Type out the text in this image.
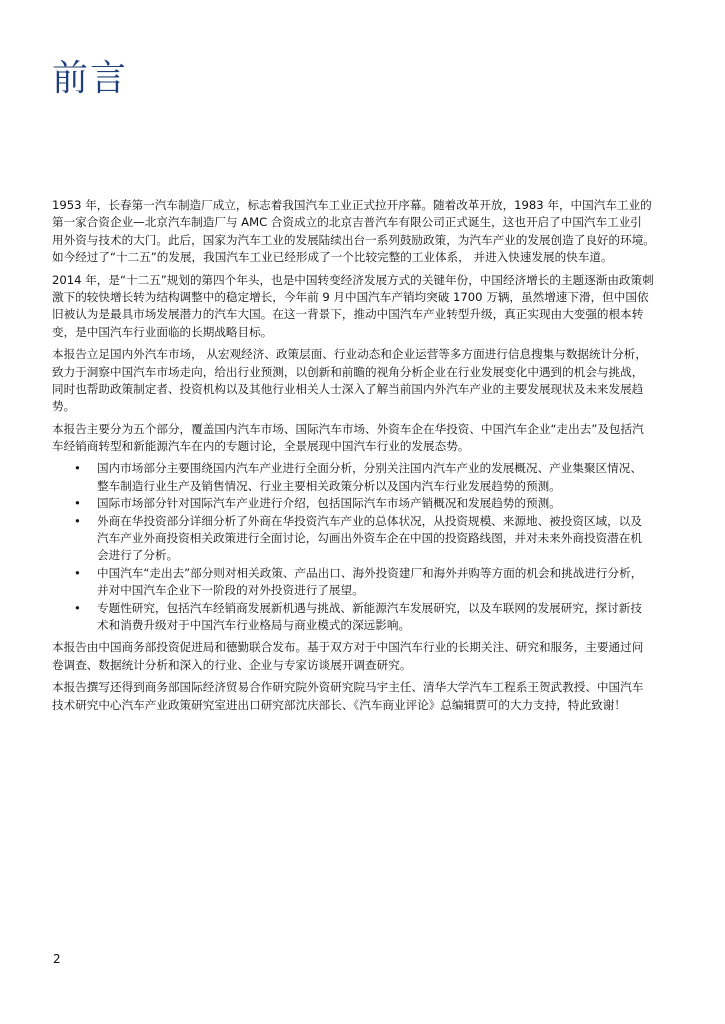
前言
1953 年，长春第一汽车制造厂成立，标志着我国汽车工业正式拉开序幕。随着改革开放，1983 年，中国汽车工业的
第一家合资企业—北京汽车制造厂与 AMC 合资成立的北京吉普汽车有限公司正式诞生，这也开启了中国汽车工业引
用外资与技术的大门。此后，国家为汽车工业的发展陆续出台一系列鼓励政策，为汽车产业的发展创造了良好的环境。
如今经过了“十二五”的发展，我国汽车工业已经形成了一个比较完整的工业体系， 并进入快速发展的快车道。
2014 年，是“十二五”规划的第四个年头，也是中国转变经济发展方式的关键年份，中国经济增长的主题逐渐由政策刺
激下的较快增长转为结构调整中的稳定增长，今年前 9 月中国汽车产销均突破 1700 万辆，虽然增速下滑，但中国依
旧被认为是最具市场发展潜力的汽车大国。在这一背景下，推动中国汽车产业转型升级，真正实现由大变强的根本转
变，是中国汽车行业面临的长期战略目标。
本报告立足国内外汽车市场， 从宏观经济、政策层面、行业动态和企业运营等多方面进行信息搜集与数据统计分析，
致力于洞察中国汽车市场走向，给出行业预测，以创新和前瞻的视角分析企业在行业发展变化中遇到的机会与挑战，
同时也帮助政策制定者、投资机构以及其他行业相关人士深入了解当前国内外汽车产业的主要发展现状及未来发展趋
势。
本报告主要分为五个部分，覆盖国内汽车市场、国际汽车市场、外资车企在华投资、中国汽车企业“走出去”及包括汽
车经销商转型和新能源汽车在内的专题讨论，全景展现中国汽车行业的发展态势。
• 国内市场部分主要围绕国内汽车产业进行全面分析，分别关注国内汽车产业的发展概况、产业集聚区情况、
整车制造行业生产及销售情况、行业主要相关政策分析以及国内汽车行业发展趋势的预测。
• 国际市场部分针对国际汽车产业进行介绍，包括国际汽车市场产销概况和发展趋势的预测。
• 外商在华投资部分详细分析了外商在华投资汽车产业的总体状况，从投资规模、来源地、被投资区域，以及
汽车产业外商投资相关政策进行全面讨论，勾画出外资车企在中国的投资路线图，并对未来外商投资潜在机
会进行了分析。
• 中国汽车“走出去”部分则对相关政策、产品出口、海外投资建厂和海外并购等方面的机会和挑战进行分析，
并对中国汽车企业下一阶段的对外投资进行了展望。
• 专题性研究，包括汽车经销商发展新机遇与挑战、新能源汽车发展研究，以及车联网的发展研究，探讨新技
术和消费升级对于中国汽车行业格局与商业模式的深远影响。
本报告由中国商务部投资促进局和德勤联合发布。基于双方对于中国汽车行业的长期关注、研究和服务，主要通过问
卷调查、数据统计分析和深入的行业、企业与专家访谈展开调查研究。
本报告撰写还得到商务部国际经济贸易合作研究院外资研究院马宇主任、清华大学汽车工程系王贺武教授、中国汽车
技术研究中心汽车产业政策研究室进出口研究部沈庆部长、《汽车商业评论》总编辑贾可的大力支持，特此致谢！
2
